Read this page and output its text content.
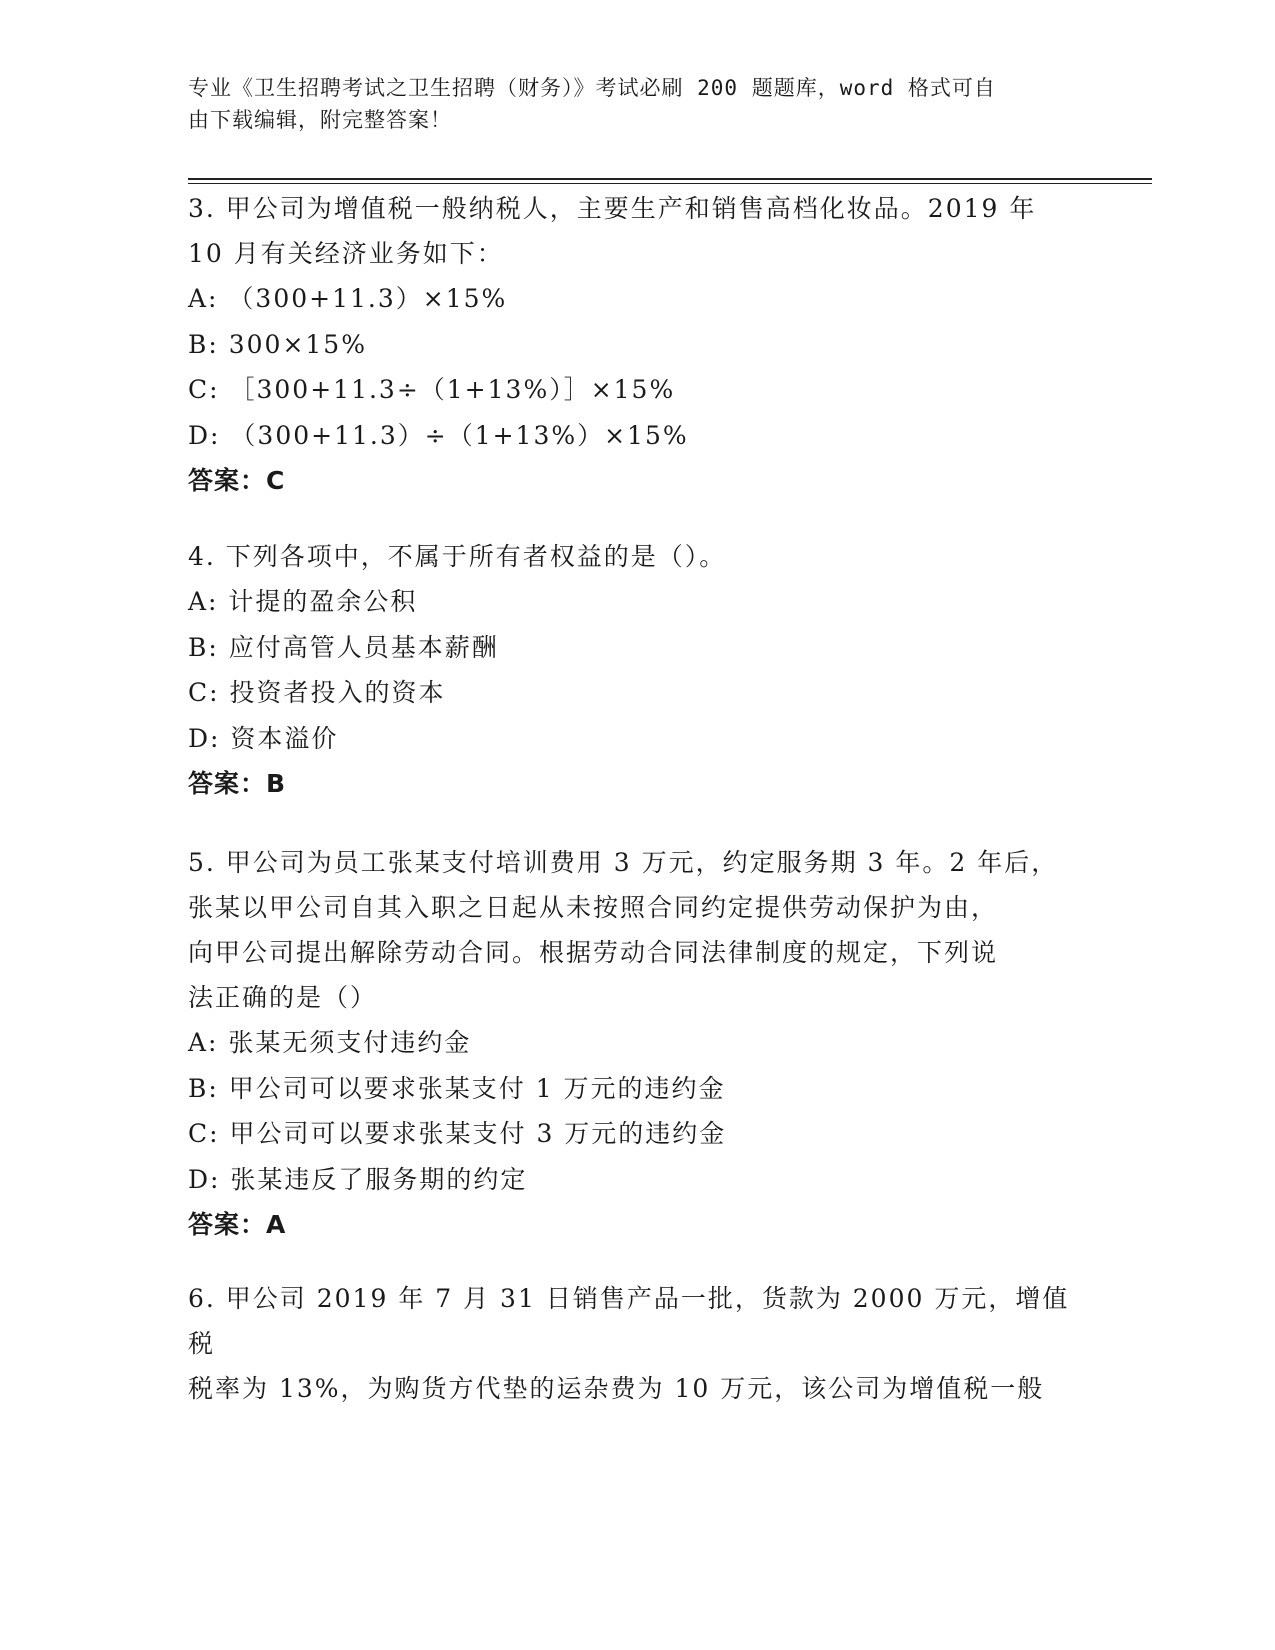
专业《卫生招聘考试之卫生招聘（财务）》考试必刷 200 题题库，word 格式可自
由下载编辑，附完整答案！
3. 甲公司为增值税一般纳税人，主要生产和销售高档化妆品。2019 年
10 月有关经济业务如下：
A: （300+11.3）×15%
B: 300×15%
C: ［300+11.3÷（1+13%）］×15%
D: （300+11.3）÷（1+13%）×15%
答案：C
4. 下列各项中，不属于所有者权益的是（）。
A: 计提的盈余公积
B: 应付高管人员基本薪酬
C: 投资者投入的资本
D: 资本溢价
答案：B
5. 甲公司为员工张某支付培训费用 3 万元，约定服务期 3 年。2 年后，
张某以甲公司自其入职之日起从未按照合同约定提供劳动保护为由，
向甲公司提出解除劳动合同。根据劳动合同法律制度的规定，下列说
法正确的是（）
A: 张某无须支付违约金
B: 甲公司可以要求张某支付 1 万元的违约金
C: 甲公司可以要求张某支付 3 万元的违约金
D: 张某违反了服务期的约定
答案：A
6. 甲公司 2019 年 7 月 31 日销售产品一批，货款为 2000 万元，增值税
税率为 13%，为购货方代垫的运杂费为 10 万元，该公司为增值税一般
